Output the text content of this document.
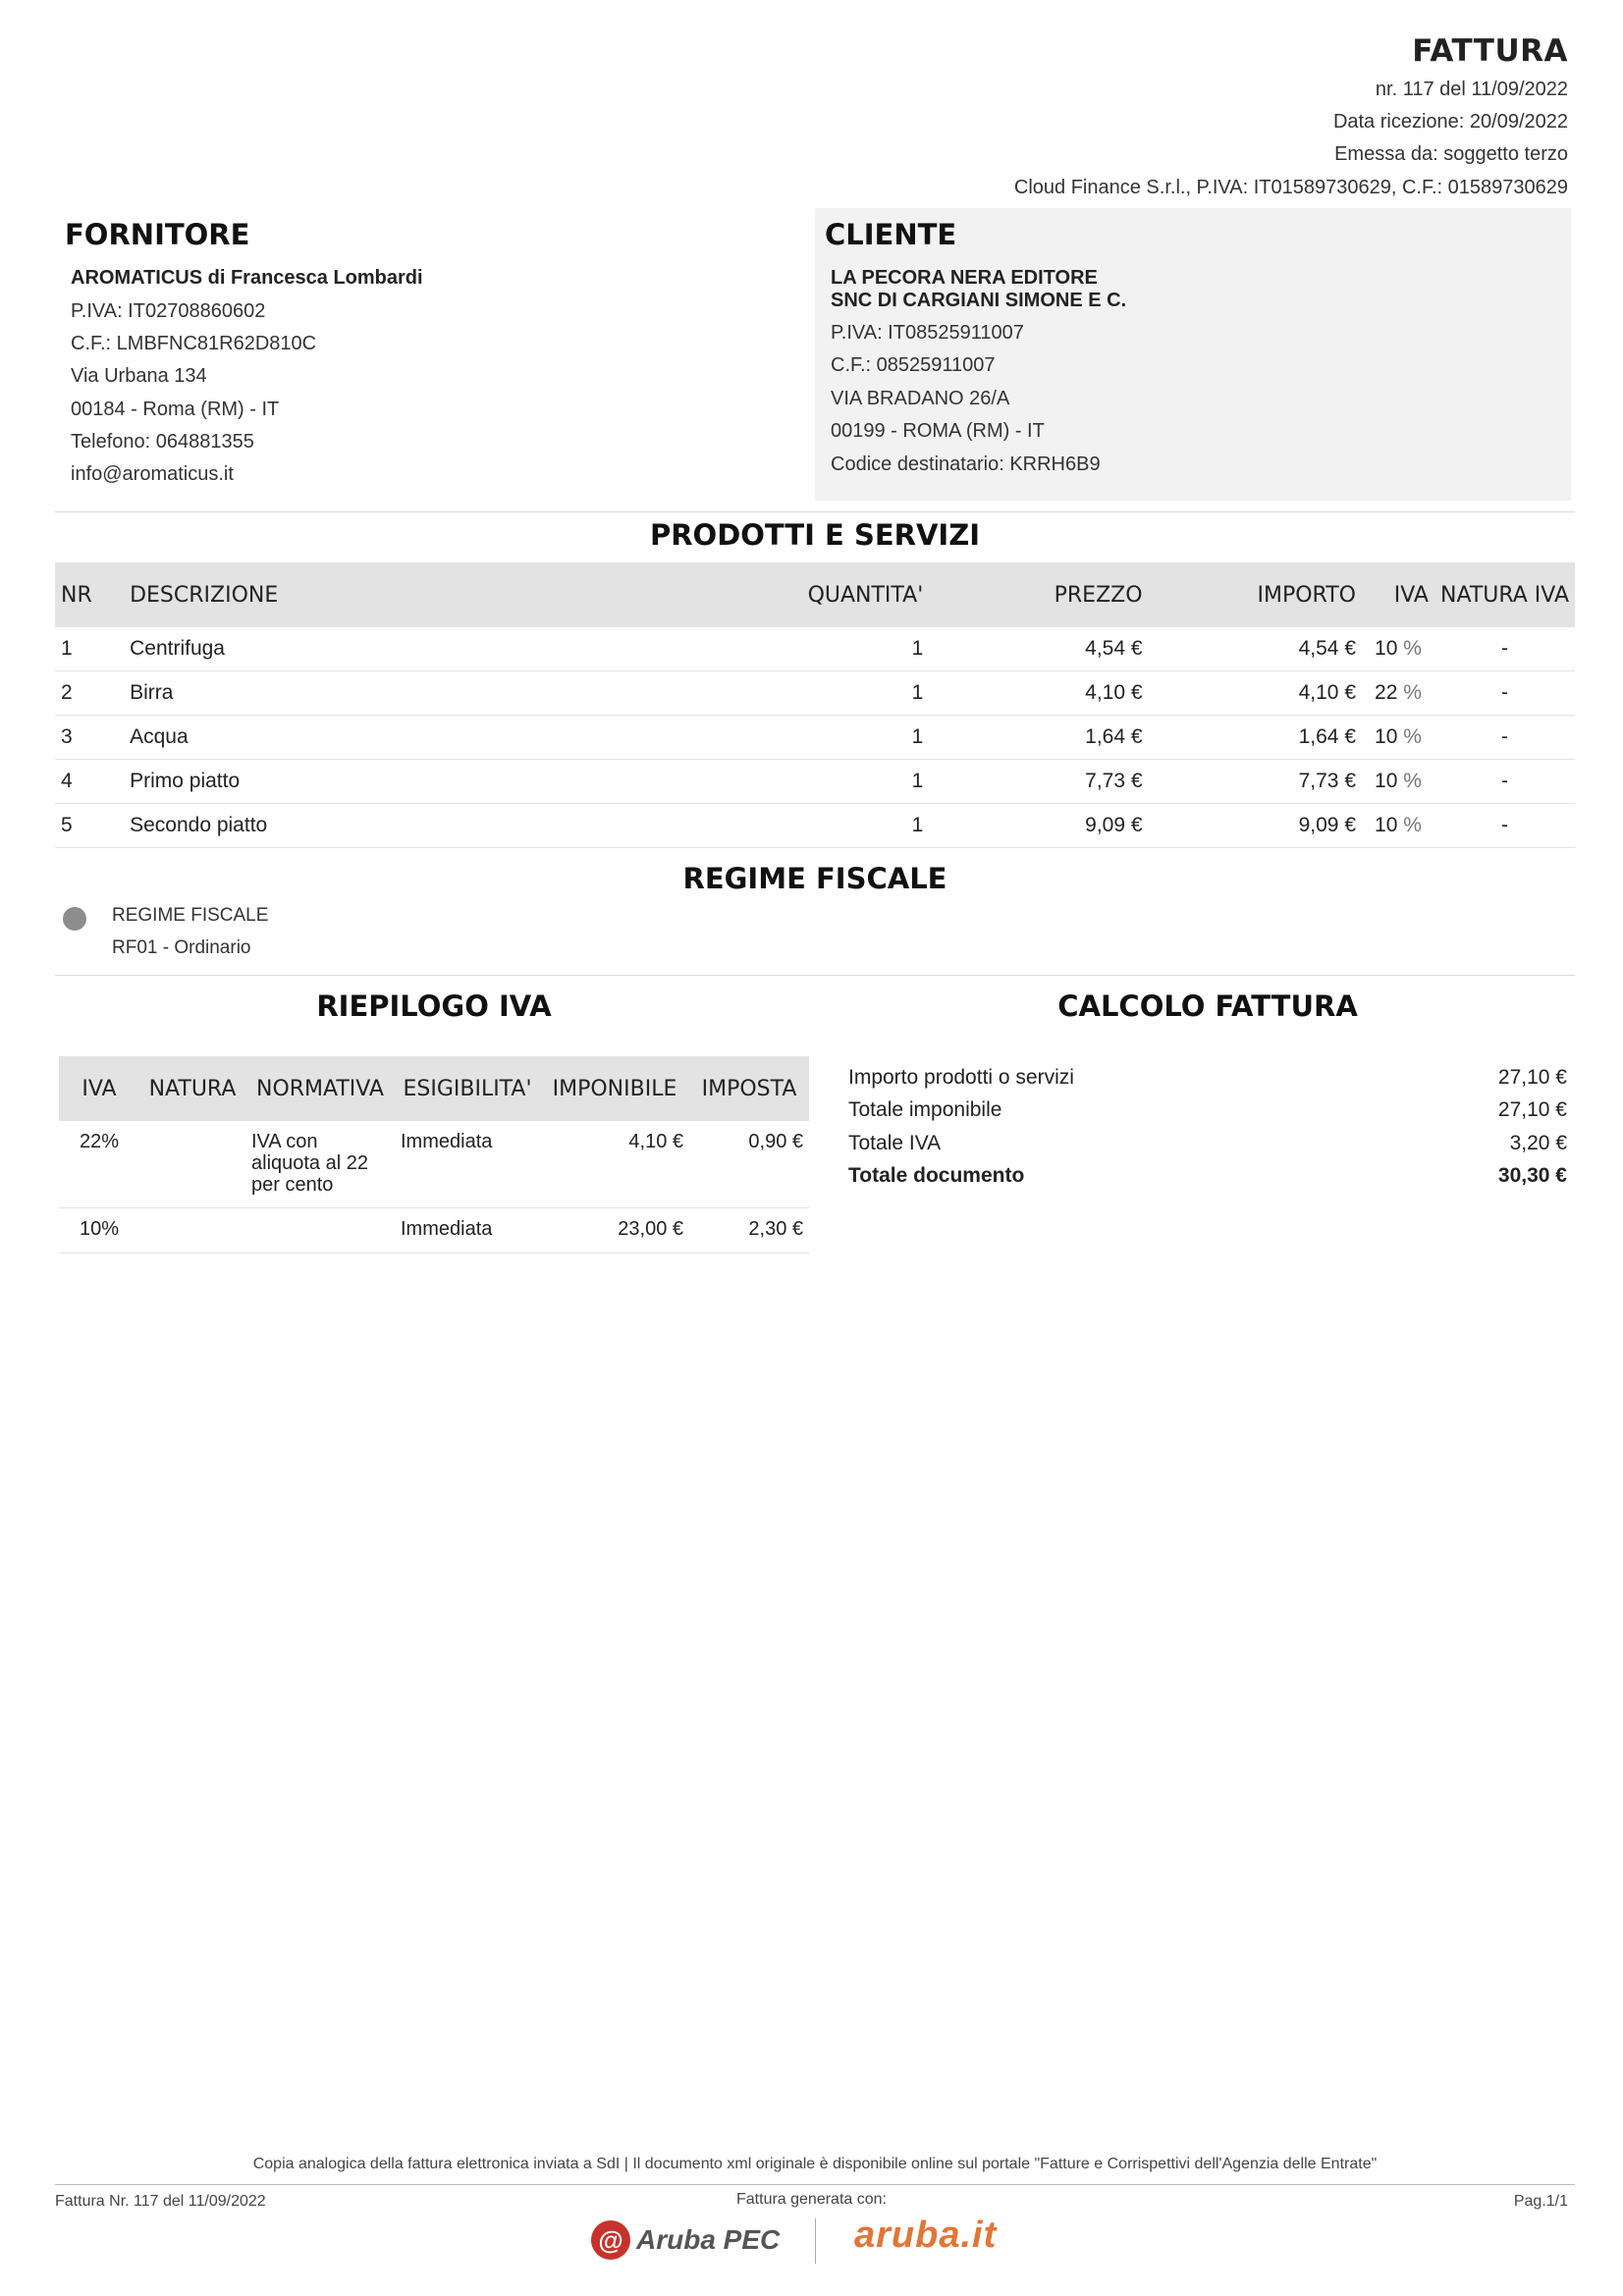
FATTURA
nr. 117 del 11/09/2022
Data ricezione: 20/09/2022
Emessa da: soggetto terzo
Cloud Finance S.r.l., P.IVA: IT01589730629, C.F.: 01589730629
FORNITORE
AROMATICUS di Francesca Lombardi
P.IVA: IT02708860602
C.F.: LMBFNC81R62D810C
Via Urbana 134
00184 - Roma (RM) - IT
Telefono: 064881355
info@aromaticus.it
CLIENTE
LA PECORA NERA EDITORE
SNC DI CARGIANI SIMONE E C.
P.IVA: IT08525911007
C.F.: 08525911007
VIA BRADANO 26/A
00199 - ROMA (RM) - IT
Codice destinatario: KRRH6B9
PRODOTTI E SERVIZI
NR	DESCRIZIONE	QUANTITA'	PREZZO	IMPORTO	IVA	NATURA IVA
1	Centrifuga	1	4,54 €	4,54 €	10 %	-
2	Birra	1	4,10 €	4,10 €	22 %	-
3	Acqua	1	1,64 €	1,64 €	10 %	-
4	Primo piatto	1	7,73 €	7,73 €	10 %	-
5	Secondo piatto	1	9,09 €	9,09 €	10 %	-
REGIME FISCALE
REGIME FISCALE
RF01 - Ordinario
RIEPILOGO IVA
IVA	NATURA	NORMATIVA	ESIGIBILITA'	IMPONIBILE	IMPOSTA
22%		IVA con aliquota al 22 per cento	Immediata	4,10 €	0,90 €
10%			Immediata	23,00 €	2,30 €
CALCOLO FATTURA
Importo prodotti o servizi	27,10 €
Totale imponibile	27,10 €
Totale IVA	3,20 €
Totale documento	30,30 €
Copia analogica della fattura elettronica inviata a SdI | Il documento xml originale è disponibile online sul portale "Fatture e Corrispettivi dell'Agenzia delle Entrate"
Fattura Nr. 117 del 11/09/2022	Fattura generata con:	Pag.1/1
@ Aruba PEC aruba.it
